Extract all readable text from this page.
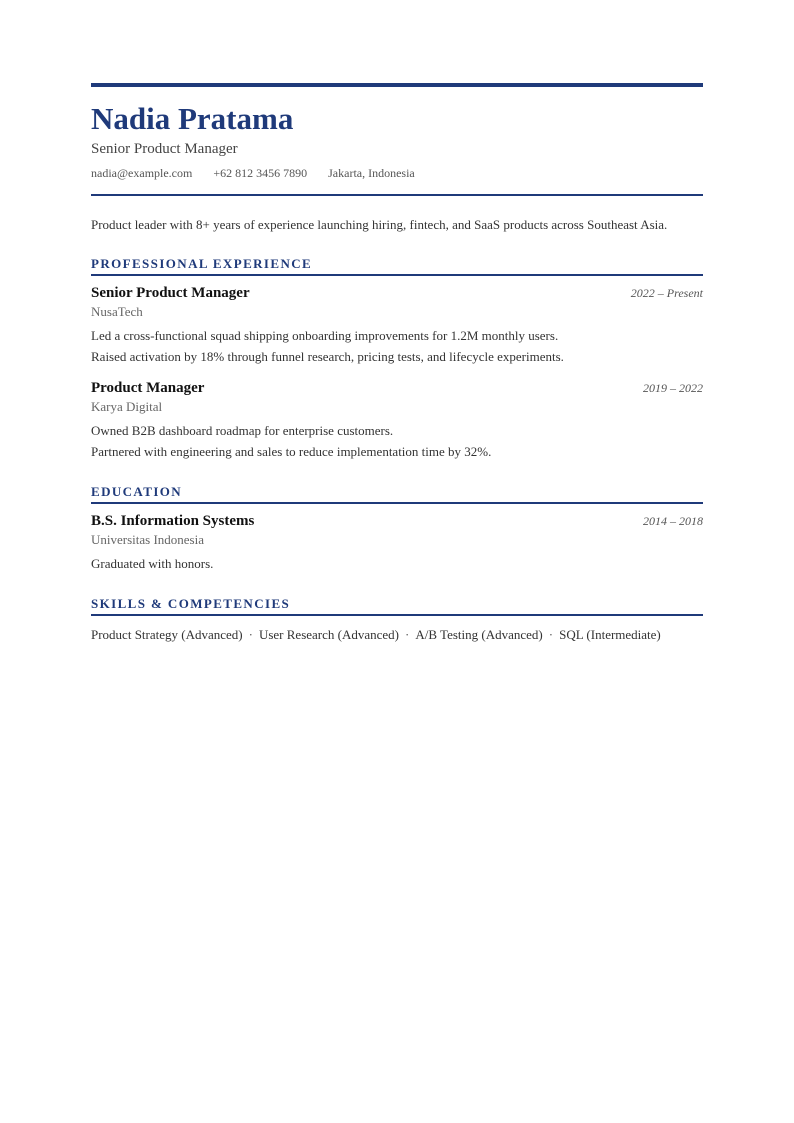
Nadia Pratama
Senior Product Manager
nadia@example.com +62 812 3456 7890 Jakarta, Indonesia
Product leader with 8+ years of experience launching hiring, fintech, and SaaS products across Southeast Asia.
PROFESSIONAL EXPERIENCE
Senior Product Manager	2022 – Present
NusaTech
Led a cross-functional squad shipping onboarding improvements for 1.2M monthly users.
Raised activation by 18% through funnel research, pricing tests, and lifecycle experiments.
Product Manager	2019 – 2022
Karya Digital
Owned B2B dashboard roadmap for enterprise customers.
Partnered with engineering and sales to reduce implementation time by 32%.
EDUCATION
B.S. Information Systems	2014 – 2018
Universitas Indonesia
Graduated with honors.
SKILLS & COMPETENCIES
Product Strategy (Advanced) · User Research (Advanced) · A/B Testing (Advanced) · SQL (Intermediate)
